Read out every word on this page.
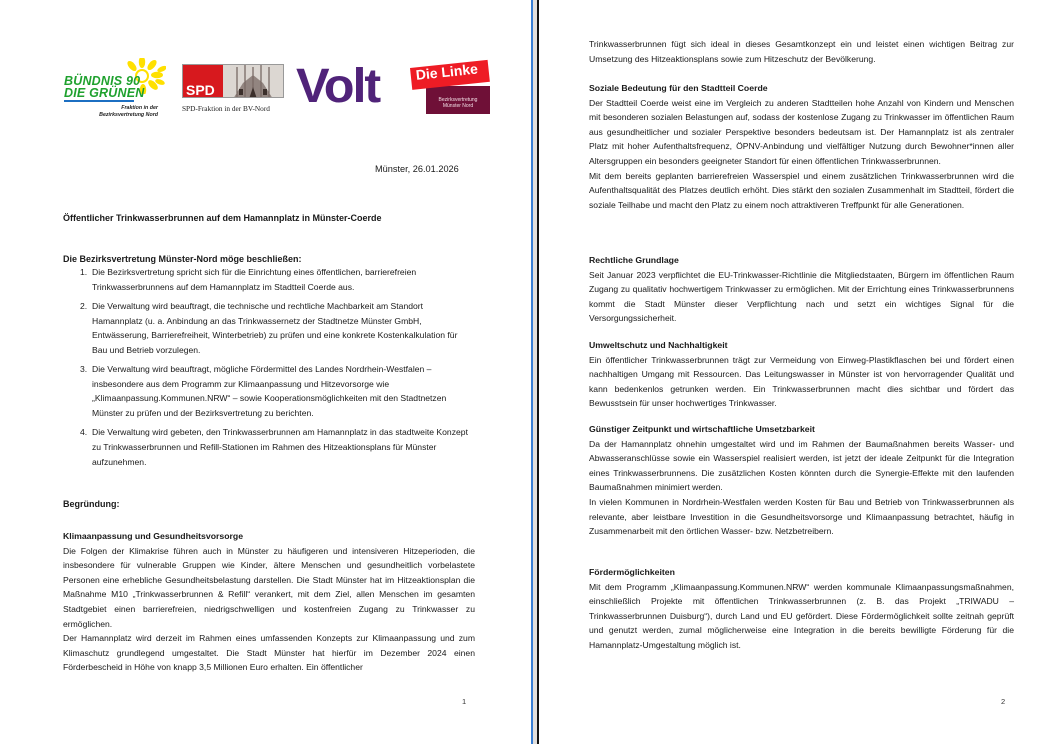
BÜNDNIS 90
DIE GRÜNEN
Fraktion in der
Bezirksvertretung Nord
SPD
SPD-Fraktion in der BV-Nord Volt	Die Linke
Bezirksvertretung
Münster Nord
Münster, 26.01.2026
Öffentlicher Trinkwasserbrunnen auf dem Hamannplatz in Münster-Coerde
Die Bezirksvertretung Münster-Nord möge beschließen:
1. Die Bezirksvertretung spricht sich für die Einrichtung eines öffentlichen, barrierefreien Trinkwasserbrunnens auf dem Hamannplatz im Stadtteil Coerde aus.
2. Die Verwaltung wird beauftragt, die technische und rechtliche Machbarkeit am Standort Hamannplatz (u. a. Anbindung an das Trinkwassernetz der Stadtnetze Münster GmbH, Entwässerung, Barrierefreiheit, Winterbetrieb) zu prüfen und eine konkrete Kostenkalkulation für Bau und Betrieb vorzulegen.
3. Die Verwaltung wird beauftragt, mögliche Fördermittel des Landes Nordrhein-Westfalen – insbesondere aus dem Programm zur Klimaanpassung und Hitzevorsorge wie „Klimaanpassung.Kommunen.NRW“ – sowie Kooperationsmöglichkeiten mit den Stadtnetzen Münster zu prüfen und der Bezirksvertretung zu berichten.
4. Die Verwaltung wird gebeten, den Trinkwasserbrunnen am Hamannplatz in das stadtweite Konzept zu Trinkwasserbrunnen und Refill-Stationen im Rahmen des Hitzeaktionsplans für Münster aufzunehmen.
Begründung:
Klimaanpassung und Gesundheitsvorsorge

Die Folgen der Klimakrise führen auch in Münster zu häufigeren und intensiveren Hitzeperioden, die insbesondere für vulnerable Gruppen wie Kinder, ältere Menschen und gesundheitlich vorbelastete Personen eine erhebliche Gesundheitsbelastung darstellen. Die Stadt Münster hat im Hitzeaktionsplan die Maßnahme M10 „Trinkwasserbrunnen & Refill“ verankert, mit dem Ziel, allen Menschen im gesamten Stadtgebiet einen barrierefreien, niedrigschwelligen und kostenfreien Zugang zu Trinkwasser zu ermöglichen.

Der Hamannplatz wird derzeit im Rahmen eines umfassenden Konzepts zur Klimaanpassung und zum Klimaschutz grundlegend umgestaltet. Die Stadt Münster hat hierfür im Dezember 2024 einen Förderbescheid in Höhe von knapp 3,5 Millionen Euro erhalten. Ein öffentlicher

1

Trinkwasserbrunnen fügt sich ideal in dieses Gesamtkonzept ein und leistet einen wichtigen Beitrag zur Umsetzung des Hitzeaktionsplans sowie zum Hitzeschutz der Bevölkerung.

Soziale Bedeutung für den Stadtteil Coerde

Der Stadtteil Coerde weist eine im Vergleich zu anderen Stadtteilen hohe Anzahl von Kindern und Menschen mit besonderen sozialen Belastungen auf, sodass der kostenlose Zugang zu Trinkwasser im öffentlichen Raum aus gesundheitlicher und sozialer Perspektive besonders bedeutsam ist. Der Hamannplatz ist als zentraler Platz mit hoher Aufenthaltsfrequenz, ÖPNV-Anbindung und vielfältiger Nutzung durch Bewohner*innen aller Altersgruppen ein besonders geeigneter Standort für einen öffentlichen Trinkwasserbrunnen.

Mit dem bereits geplanten barrierefreien Wasserspiel und einem zusätzlichen Trinkwasserbrunnen wird die Aufenthaltsqualität des Platzes deutlich erhöht. Dies stärkt den sozialen Zusammenhalt im Stadtteil, fördert die soziale Teilhabe und macht den Platz zu einem noch attraktiveren Treffpunkt für alle Generationen.

Rechtliche Grundlage

Seit Januar 2023 verpflichtet die EU-Trinkwasser-Richtlinie die Mitgliedstaaten, Bürgern im öffentlichen Raum Zugang zu qualitativ hochwertigem Trinkwasser zu ermöglichen. Mit der Errichtung eines Trinkwasserbrunnens kommt die Stadt Münster dieser Verpflichtung nach und setzt ein wichtiges Signal für die Versorgungssicherheit.

Umweltschutz und Nachhaltigkeit

Ein öffentlicher Trinkwasserbrunnen trägt zur Vermeidung von Einweg-Plastikflaschen bei und fördert einen nachhaltigen Umgang mit Ressourcen. Das Leitungswasser in Münster ist von hervorragender Qualität und kann bedenkenlos getrunken werden. Ein Trinkwasserbrunnen macht dies sichtbar und fördert das Bewusstsein für unser hochwertiges Trinkwasser.

Günstiger Zeitpunkt und wirtschaftliche Umsetzbarkeit

Da der Hamannplatz ohnehin umgestaltet wird und im Rahmen der Baumaßnahmen bereits Wasser- und Abwasseranschlüsse sowie ein Wasserspiel realisiert werden, ist jetzt der ideale Zeitpunkt für die Integration eines Trinkwasserbrunnens. Die zusätzlichen Kosten könnten durch die Synergie-Effekte mit den laufenden Baumaßnahmen minimiert werden.

In vielen Kommunen in Nordrhein-Westfalen werden Kosten für Bau und Betrieb von Trinkwasserbrunnen als relevante, aber leistbare Investition in die Gesundheitsvorsorge und Klimaanpassung betrachtet, häufig in Zusammenarbeit mit den örtlichen Wasser- bzw. Netzbetreibern.

Fördermöglichkeiten

Mit dem Programm „Klimaanpassung.Kommunen.NRW“ werden kommunale Klimaanpassungsmaßnahmen, einschließlich Projekte mit öffentlichen Trinkwasserbrunnen (z. B. das Projekt „TRIWADU – Trinkwasserbrunnen Duisburg“), durch Land und EU gefördert. Diese Fördermöglichkeit sollte zeitnah geprüft und genutzt werden, zumal möglicherweise eine Integration in die bereits bewilligte Förderung für die Hamannplatz-Umgestaltung möglich ist.

2
